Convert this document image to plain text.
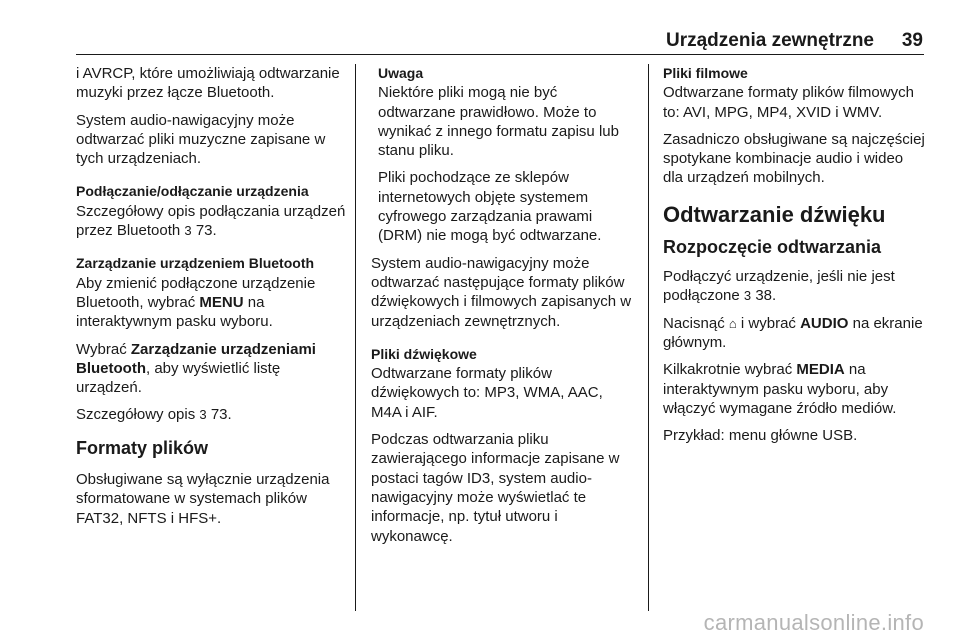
Urządzenia zewnętrzne 39

i AVRCP, które umożliwiają odtwarzanie muzyki przez łącze Bluetooth.

System audio-nawigacyjny może odtwarzać pliki muzyczne zapisane w tych urządzeniach.

Podłączanie/odłączanie urządzenia
Szczegółowy opis podłączania urządzeń przez Bluetooth 3 73.

Zarządzanie urządzeniem Bluetooth
Aby zmienić podłączone urządzenie Bluetooth, wybrać MENU na interaktywnym pasku wyboru.

Wybrać Zarządzanie urządzeniami Bluetooth, aby wyświetlić listę urządzeń.

Szczegółowy opis 3 73.

Formaty plików

Obsługiwane są wyłącznie urządzenia sformatowane w systemach plików FAT32, NFTS i HFS+.

Uwaga

Niektóre pliki mogą nie być odtwarzane prawidłowo. Może to wynikać z innego formatu zapisu lub stanu pliku.

Pliki pochodzące ze sklepów internetowych objęte systemem cyfrowego zarządzania prawami (DRM) nie mogą być odtwarzane.

System audio-nawigacyjny może odtwarzać następujące formaty plików dźwiękowych i filmowych zapisanych w urządzeniach zewnętrznych.

Pliki dźwiękowe
Odtwarzane formaty plików dźwiękowych to: MP3, WMA, AAC, M4A i AIF.

Podczas odtwarzania pliku zawierającego informacje zapisane w postaci tagów ID3, system audio-nawigacyjny może wyświetlać te informacje, np. tytuł utworu i wykonawcę.

Pliki filmowe
Odtwarzane formaty plików filmowych to: AVI, MPG, MP4, XVID i WMV.

Zasadniczo obsługiwane są najczęściej spotykane kombinacje audio i wideo dla urządzeń mobilnych.

Odtwarzanie dźwięku
Rozpoczęcie odtwarzania

Podłączyć urządzenie, jeśli nie jest podłączone 3 38.

Nacisnąć ⌂ i wybrać AUDIO na ekranie głównym.

Kilkakrotnie wybrać MEDIA na interaktywnym pasku wyboru, aby włączyć wymagane źródło mediów.

Przykład: menu główne USB.

carmanualsonline.info
